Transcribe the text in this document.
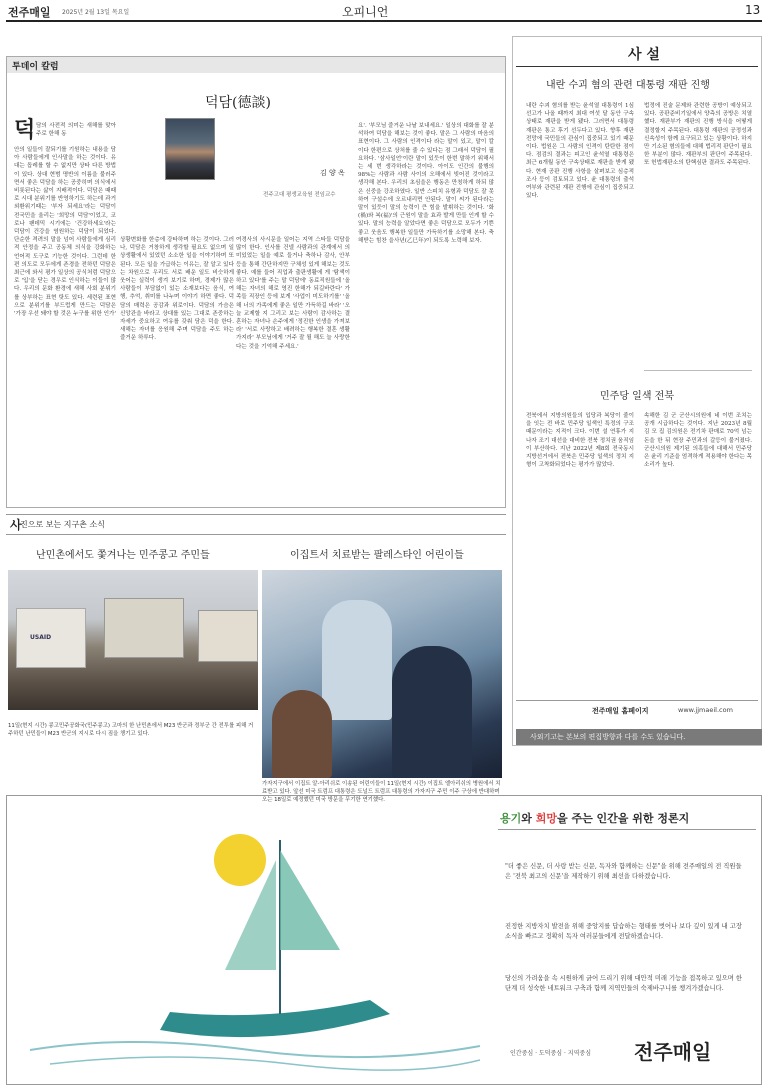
전주매일 2025년 2월 13일 목요일	오피니언	13
투데이 칼럼
덕담(德談)
덕 담의 사전적 의미는 새해를 맞아 주로 한해 동
안의 일들이 잘되기를 기원하는 내용을 담아 사람들에게 인사말을 하는 것이다. 유대는 돕레를 할 수 없지만 상타 다른 방법이 있다. 상대 현범 명반의 이름을 불러주면서 좋은 덕담을 하는 공중히며 의식에서 비롯된다는 삶이 지배적이다. 덕담은 때때로 시대 분위기를 반영하기도 하는데 과거 외환위기때는 '부자 되세요'라는 덕담이 전국민을 울리는 '희망의 덕담'이었고, 코로나 팬데믹 시기에는 '건강하세요'라는 덕담이 건강을 염원하는 덕담이 되었다. 단순한 격려의 말을 넘어 사람들에게 심리적 안정을 주고 공동체 의식을 강화하는 언어적 도구로 기능한 것이다. 그런데 한편 의도로 모두에게 존경을 전하던 덕담은 최근에 와서 평가 일상의 공식처럼 덕담으로 '입'을 닫는 경우로 인식하는 이들이 많다. 우리의 문화 환경에 새해 사회 분위기를 상부하는 표현 탓도 있다. 세련된 표현으로 분위기를 부드럽게 만드는 덕담은 '가장 우선 돼야 할 것은 누구를 위한 인가'
김 양 옥
전주고대 평생교육원 전임교수
상황변화를 한층에 강타하며 하는 것이다. 그러나, 덕담은 거창하게 생각할 필요도 없으며 일상생활에서 있었던 소소한 일을 이야기하며 또 된다. 모든 일을 가급하는 이유는, 잘 알고 있다는 차원으로 우리도 서로 배운 일도 비슷하게 웃어는 실력이 생겨 보기로 하며, 경제가 많은 사람들이 부담없이 있는 소재보다는 음식, 여행, 추억, 취미를 나누며 이야기 하면 좋다. 덕담의 매력은 공감과 위로이다. 덕담의 가슴은 신앙관을 바라고 상대를 있는 그대로 존중하는 자세가 중요하고 여유를 갖춰 담은 덕을 한다. 새해는 자녀를 응원해 주며 덕담을 주도 하는 즐거운 하루다.
여경사의 사시문을 일어는 지역 스타들 덕담을 많이 한다. 인사를 건넬 사람과의 관계에서 의미있었는 일을 예로 들거나 축하나 감사, 안부 등을 통해 간단하지만 구체성 있게 해보는 것도 좋다. 예를 들어 직업과 출판생활에 게 '탐색이 하고 있다'를 주는 말 덕담에' 동료직원들에 '올해는 자녀의 해로 영진 한해가 되길바란다' 가족들 직장인 등에 보게 '사업이 미도하기를' '올해 너의 가족에게 좋은 일만 가득하길 바라' '오늘 교제할 지 그리고 보는 사람이 감사하는 결혼하는 자녀나 손주에게 '정진한 인생을 가져보라' '서로 사랑하고 배려하는 행복한 결혼 생활 가지라' 부모님에게 '거주 잘 될 해도 늘 사랑한다는 것을 기억해 주세요.'
요'. '부모님 즐거운 나날 보내세요.' 일상의 대화를 잘 분석하여 덕담을 해보는 것이 좋다. 말은 그 사람의 마음의 표현이다. 그 사람의 인격이다 라는 말이 있고, 말이 칼이다 한편으로 상처를 줄 수 있다는 점 그래서 덕담이 필요하다. '삼사일언'이란 말이 있듯이 한번 말하기 위해서는 세 번 생각하라는 것이다. 아이도 인간의 불행의 98%는 사람과 사람 사이의 오해에서 빚어진 것이라고 생각해 본다. 우리의 초심을은 행동은 만칭하게 하되 많은 신중을 강조하였다. 일반 스피치 유형과 덕담도 잘 못하여 구설수에 오르내리면 안된다. 말이 씨가 된다라는 말이 있듯이 말의 능력이 큰 힘을 발휘하는 것이다. '화(禍)와 복(福)'의 근원이 말을 효과 발게 만들 인게 할 수 있다. 말의 능력을 알았다면 좋은 덕담으로 모두가 기쁜 좋고 웃음도 행복한 일들만 가득하기를 소망해 본다. 축해받는 힘찬 을사년(乙巳年)이 되도록 노력해 보자.
사
진으로 보는 지구촌 소식
난민촌에서도 쫓겨나는 민주콩고 주민들	이집트서 치료받는 팔레스타인 어린이들
USAID
11일(현지 시간) 콩고민주공화국(민주콩고) 고마의 한 난민촌에서 M23 반군과 정부군 간 전투를 피해 거주하던 난민들이 M23 반군의 지시로 다시 짐을 챙기고 있다.
가자지구에서 이집트 알-아리쉬로 이송된 어린이들이 11일(현지 시간) 이집트 엘아리쉬의 병원에서 치료받고 있다. 앞선 미국 트럼프 대통령은 도널드 트럼프 대통령의 가자지구 주민 이주 구상에 반대하며 오는 18일로 예정했던 미국 방문을 무기한 연기했다.
사 설
내란 수괴 혐의 관련 대통령 재판 진행
내란 수괴 혐의를 받는 윤석열 대통령이 1심 선고가 나올 때까지 최대 여섯 달 동안 구속상태로 재판을 받게 됐다. 그러면서 대통령 재판은 통고 후기 선두다고 있다. 향후 재판 전망에 국민들의 관심이 집중되고 있기 때문이다. 법원은 그 사람의 인격이 탄탄한 점이다. 점검의 결과는 피고인 윤석열 대통령은 최근 6개월 동안 구속상태로 재판을 받게 됐다. 현재 공판 진행 사항을 살펴보고 심층적 조사 등이 검토되고 있다. 윤 대통령의 출석 여부와 관련된 재판 진행에 관심이 집중되고 있다.
법정에 진술 문제와 관련한 공방이 예상되고 있다. 공판준비기일에서 양측의 공방은 치열했다. 재판부가 재판의 진행 방식을 어떻게 결정할지 주목된다. 대통령 재판의 공정성과 신속성이 함께 요구되고 있는 상황이다. 하지만 기소된 혐의들에 대해 법리적 판단이 필요한 부분이 많다. 재판부의 판단이 주목된다. 또 헌법재판소의 탄핵심판 결과도 주목된다.
민주당 일색 전북
전북에서 지방의원들의 입당과 복당이 줄이을 잇는 전 바로 민주당 일색인 특정의 구조 때문이라는 지적이 크다. 이번 설 연휴가 지나자 조기 대선을 대비한 전북 정치권 움직임이 부산하다. 지난 2022년 제8회 전국동시 지방선거에서 전북은 민주당 일색의 정치 지형이 고착화되었다는 평가가 많았다.
속해한 김 군 군산시의원에 네 이번 조치는 공개 시급하다는 것이다. 지난 2023년 8월 김 모 집 김의원은 전기차 판매로 70억 넘는 돈을 한 뒤 현장 주민과의 갈등이 불거졌다. 군산시의원 제기된 의혹들에 대해서 민주당은 윤리 기준을 엄격하게 적용해야 한다는 목소리가 높다.
전주매일 홈페이지	www.jjmaeil.com
사외기고는 본보의 편집방향과 다를 수도 있습니다.
용기와 희망을 주는 인간을 위한 정론지
"더 좋은 신문, 더 사랑 받는 신문, 독자와 함께하는 신문"을 위해 전주매일의 전 직원들은 '전북 최고의 신문'을 제작하기 위해 최선을 다하겠습니다.
진정한 지방자치 발전을 위해 중앙지를 답습하는 형태를 벗어나 보다 깊이 있게 내 고장 소식을 빠르고 정확히 독자 여러분들에게 전달하겠습니다.
당신의 가려움을 속 시원하게 긁어 드리기 위해 대안적 미래 기능을 접목하고 있으며 한 단계 더 성숙한 네트워크 구축과 함께 지역민들의 숙제바구니를 챙겨가겠습니다.
인간중심 · 도덕중심 · 지역중심 전주매일
